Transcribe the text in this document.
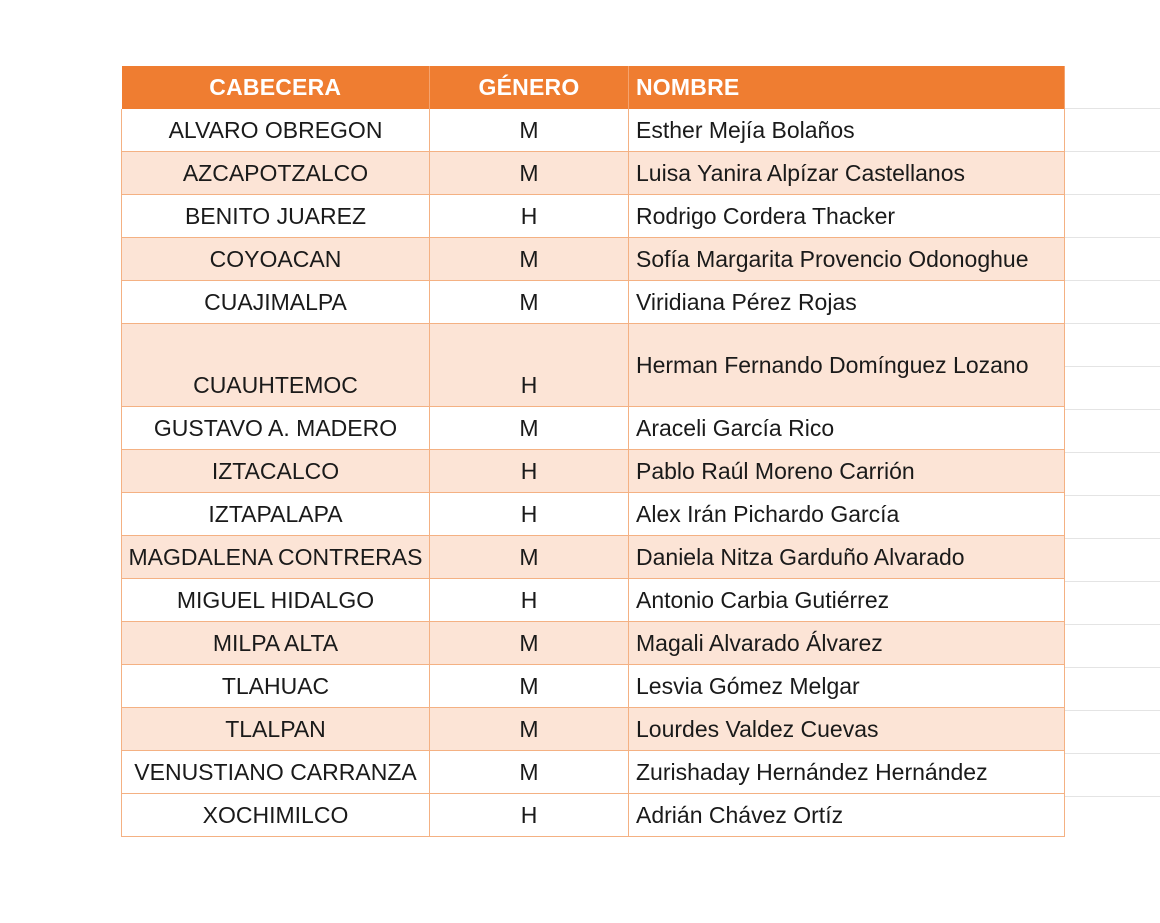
CABECERA	GÉNERO	NOMBRE
ALVARO OBREGON	M	Esther Mejía Bolaños
AZCAPOTZALCO	M	Luisa Yanira Alpízar Castellanos
BENITO JUAREZ	H	Rodrigo Cordera Thacker
COYOACAN	M	Sofía Margarita Provencio Odonoghue
CUAJIMALPA	M	Viridiana Pérez Rojas
CUAUHTEMOC	H	Herman Fernando Domínguez Lozano
GUSTAVO A. MADERO	M	Araceli García Rico
IZTACALCO	H	Pablo Raúl Moreno Carrión
IZTAPALAPA	H	Alex Irán Pichardo García
MAGDALENA CONTRERAS	M	Daniela Nitza Garduño Alvarado
MIGUEL HIDALGO	H	Antonio Carbia Gutiérrez
MILPA ALTA	M	Magali Alvarado Álvarez
TLAHUAC	M	Lesvia Gómez Melgar
TLALPAN	M	Lourdes Valdez Cuevas
VENUSTIANO CARRANZA	M	Zurishaday Hernández Hernández
XOCHIMILCO	H	Adrián Chávez Ortíz
